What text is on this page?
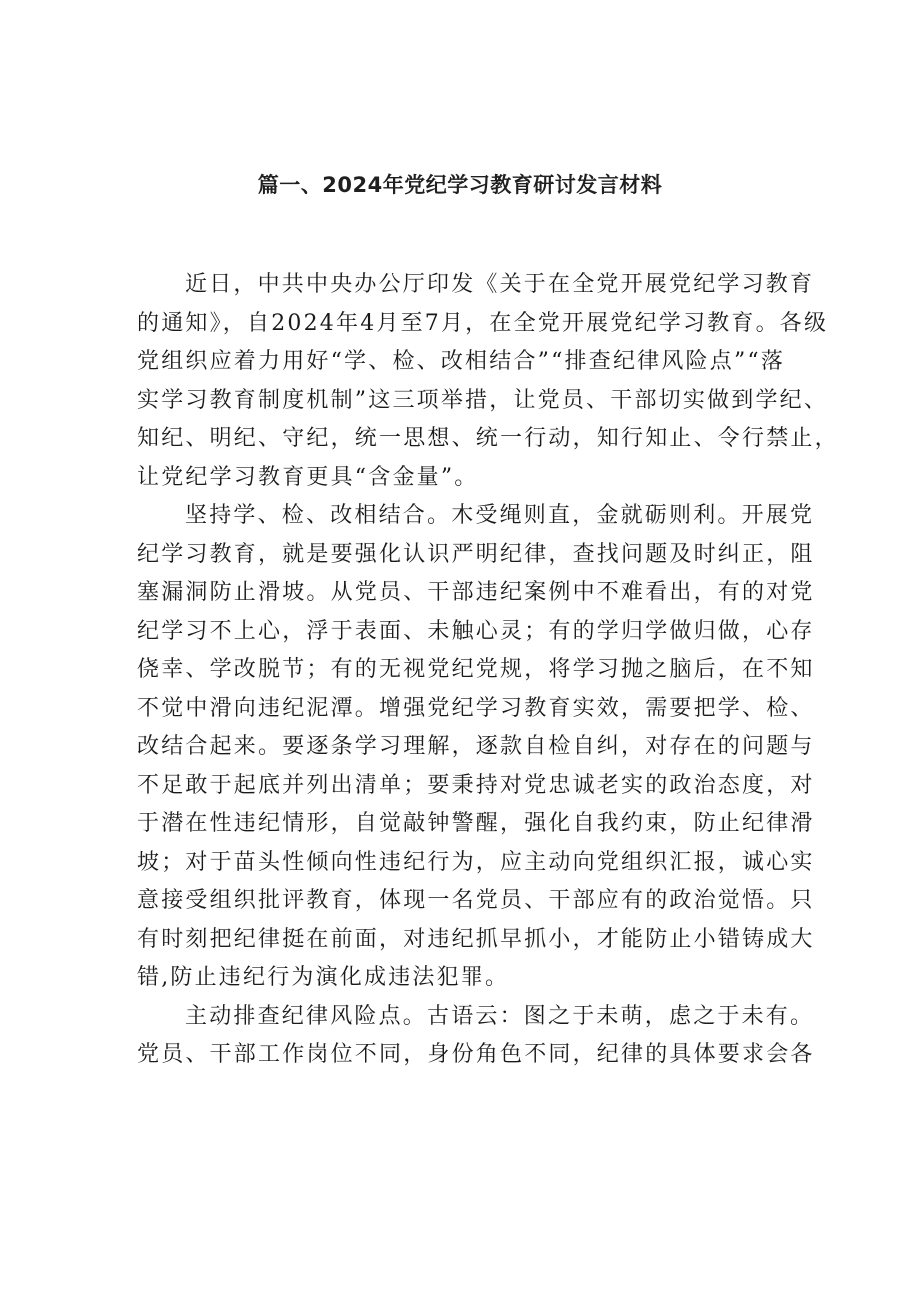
篇一、2024年党纪学习教育研讨发言材料

近日，中共中央办公厅印发《关于在全党开展党纪学习教育
的通知》，自2024年4月至7月，在全党开展党纪学习教育。各级
党组织应着力用好“学、检、改相结合”“排查纪律风险点”“落
实学习教育制度机制”这三项举措，让党员、干部切实做到学纪、
知纪、明纪、守纪，统一思想、统一行动，知行知止、令行禁止，
让党纪学习教育更具“含金量”。

坚持学、检、改相结合。木受绳则直，金就砺则利。开展党
纪学习教育，就是要强化认识严明纪律，查找问题及时纠正，阻
塞漏洞防止滑坡。从党员、干部违纪案例中不难看出，有的对党
纪学习不上心，浮于表面、未触心灵；有的学归学做归做，心存
侥幸、学改脱节；有的无视党纪党规，将学习抛之脑后，在不知
不觉中滑向违纪泥潭。增强党纪学习教育实效，需要把学、检、
改结合起来。要逐条学习理解，逐款自检自纠，对存在的问题与
不足敢于起底并列出清单；要秉持对党忠诚老实的政治态度，对
于潜在性违纪情形，自觉敲钟警醒，强化自我约束，防止纪律滑
坡；对于苗头性倾向性违纪行为，应主动向党组织汇报，诚心实
意接受组织批评教育，体现一名党员、干部应有的政治觉悟。只
有时刻把纪律挺在前面，对违纪抓早抓小，才能防止小错铸成大
错,防止违纪行为演化成违法犯罪。

主动排查纪律风险点。古语云：图之于未萌，虑之于未有。
党员、干部工作岗位不同，身份角色不同，纪律的具体要求会各
